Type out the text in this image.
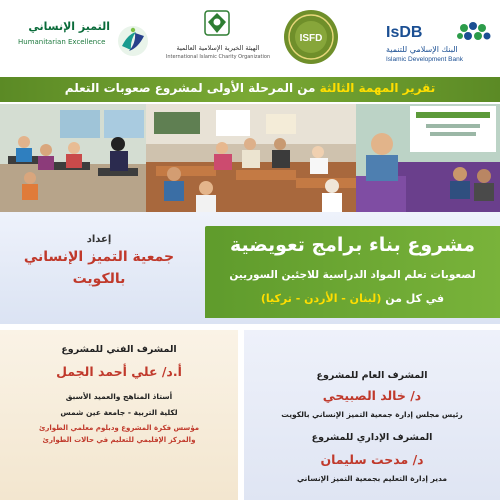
التميز الإنساني
Humanitarian Excellence
الهيئة الخيرية الإسلامية العالمية
International Islamic Charity Organization
ISFD	IsDB
البنك الإسلامي للتنمية
Islamic Development Bank
تقرير المهمة الثالثة من المرحلة الأولى لمشروع صعوبات التعلم
إعداد
جمعية التميز الإنساني
بالكويت
مشروع بناء برامج تعويضية
لصعوبات تعلم المواد الدراسية للاجئين السوريين
في كل من (لبنان - الأردن - تركيا)
المشرف الفني للمشروع
أ.د/ علي أحمد الجمل
أستاذ المناهج والعميد الأسبق
لكلية التربية - جامعة عين شمس
مؤسس فكرة المشروع ودبلوم معلمي الطوارئ
والمركز الإقليمي للتعليم في حالات الطوارئ
المشرف العام للمشروع
د/ خالد الصبيحي
رئيس مجلس إدارة جمعية التميز الإنساني بالكويت
المشرف الإداري للمشروع
د/ مدحت سليمان
مدير إدارة التعليم بجمعية التميز الإنساني
